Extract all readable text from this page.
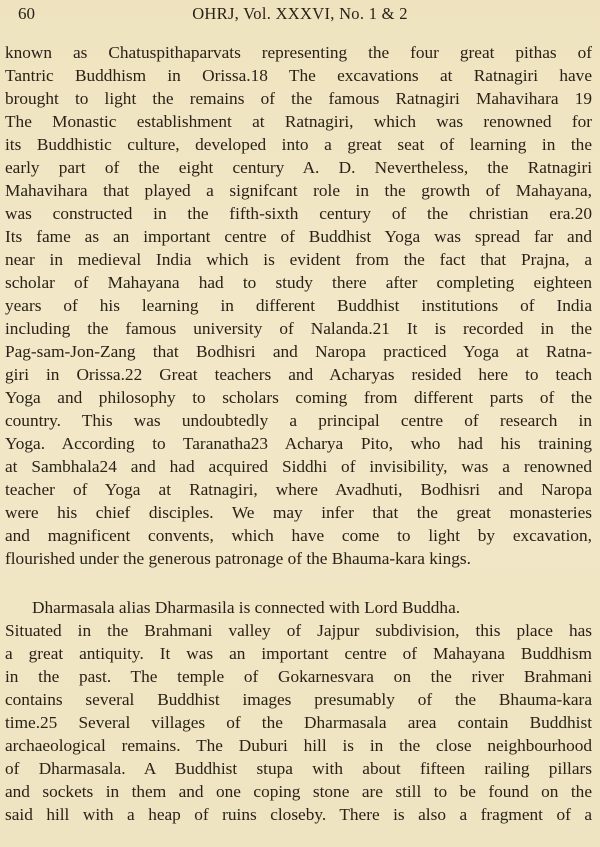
60	OHRJ, Vol. XXXVI, No. 1 & 2
known as Chatuspithaparvats representing the four great pithas of
Tantric Buddhism in Orissa.18 The excavations at Ratnagiri have
brought to light the remains of the famous Ratnagiri Mahavihara 19
The Monastic establishment at Ratnagiri, which was renowned for
its Buddhistic culture, developed into a great seat of learning in the
early part of the eight century A. D. Nevertheless, the Ratnagiri
Mahavihara that played a signifcant role in the growth of Mahayana,
was constructed in the fifth-sixth century of the christian era.20
Its fame as an important centre of Buddhist Yoga was spread far and
near in medieval India which is evident from the fact that Prajna, a
scholar of Mahayana had to study there after completing eighteen
years of his learning in different Buddhist institutions of India
including the famous university of Nalanda.21 It is recorded in the
Pag-sam-Jon-Zang that Bodhisri and Naropa practiced Yoga at Ratna-
giri in Orissa.22 Great teachers and Acharyas resided here to teach
Yoga and philosophy to scholars coming from different parts of the
country. This was undoubtedly a principal centre of research in
Yoga. According to Taranatha23 Acharya Pito, who had his training
at Sambhala24 and had acquired Siddhi of invisibility, was a renowned
teacher of Yoga at Ratnagiri, where Avadhuti, Bodhisri and Naropa
were his chief disciples. We may infer that the great monasteries
and magnificent convents, which have come to light by excavation,
flourished under the generous patronage of the Bhauma-kara kings.
Dharmasala alias Dharmasila is connected with Lord Buddha.
Situated in the Brahmani valley of Jajpur subdivision, this place has
a great antiquity. It was an important centre of Mahayana Buddhism
in the past. The temple of Gokarnesvara on the river Brahmani
contains several Buddhist images presumably of the Bhauma-kara
time.25 Several villages of the Dharmasala area contain Buddhist
archaeological remains. The Duburi hill is in the close neighbourhood
of Dharmasala. A Buddhist stupa with about fifteen railing pillars
and sockets in them and one coping stone are still to be found on the
said hill with a heap of ruins closeby. There is also a fragment of a
